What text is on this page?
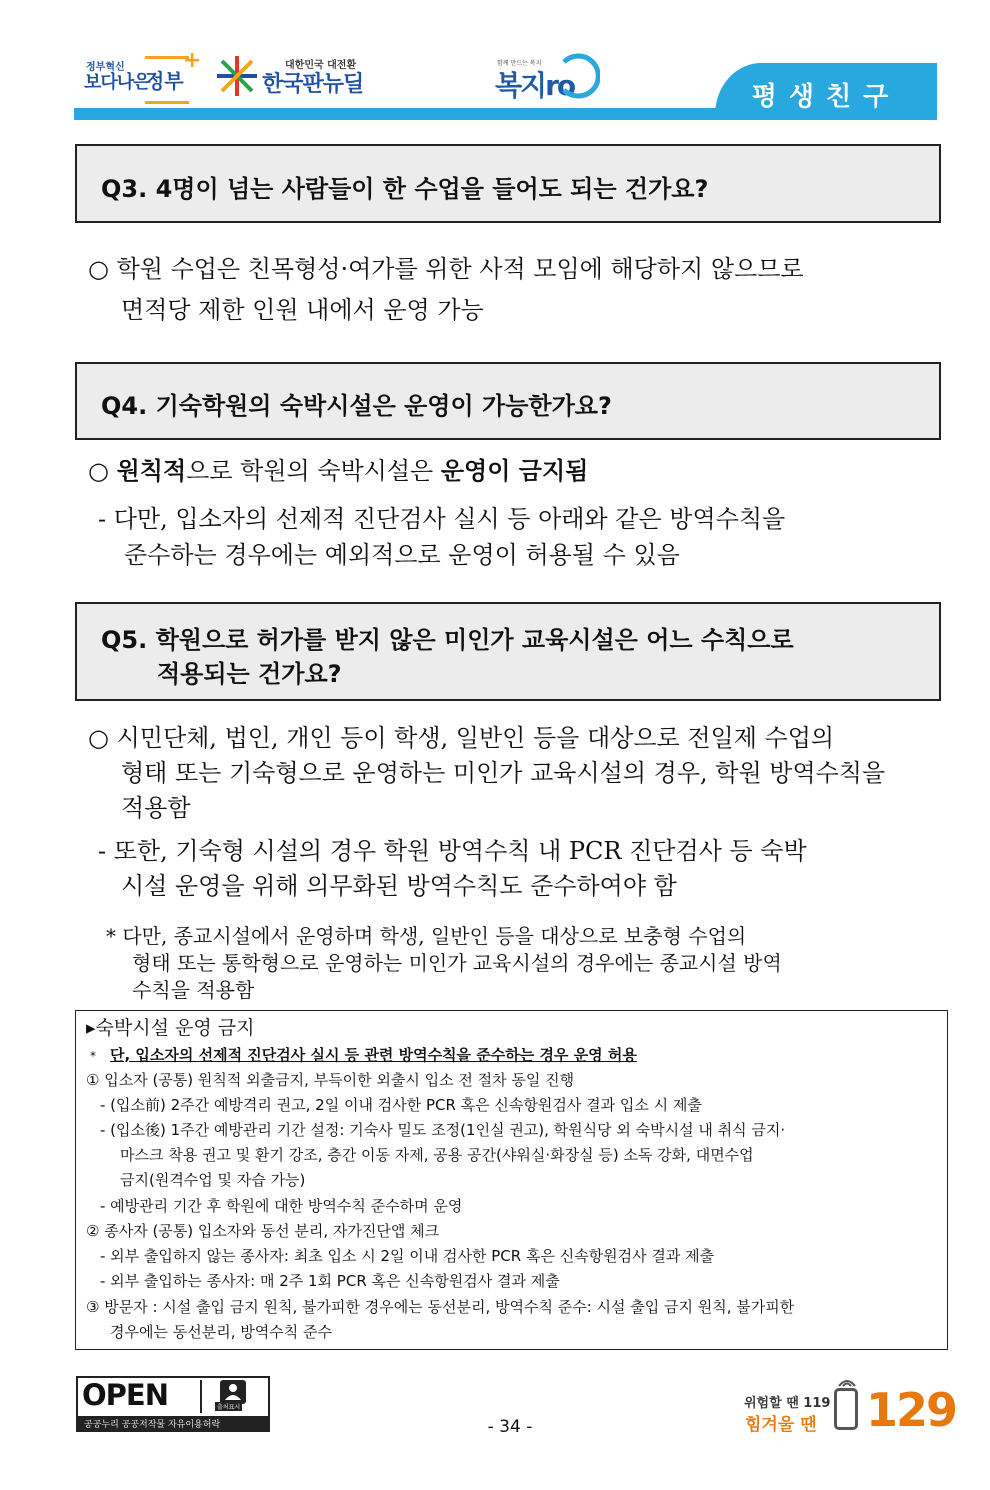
정부혁신
보다나은
정부
+	대한민국 대전환
한국판뉴딜
함께 만드는 복지
복지ro	평생친구
Q3. 4명이 넘는 사람들이 한 수업을 들어도 되는 건가요?
○ 학원 수업은 친목형성·여가를 위한 사적 모임에 해당하지 않으므로
면적당 제한 인원 내에서 운영 가능
Q4. 기숙학원의 숙박시설은 운영이 가능한가요?
○ 원칙적으로 학원의 숙박시설은 운영이 금지됨
- 다만, 입소자의 선제적 진단검사 실시 등 아래와 같은 방역수칙을
준수하는 경우에는 예외적으로 운영이 허용될 수 있음
Q5. 학원으로 허가를 받지 않은 미인가 교육시설은 어느 수칙으로
적용되는 건가요?
○ 시민단체, 법인, 개인 등이 학생, 일반인 등을 대상으로 전일제 수업의
형태 또는 기숙형으로 운영하는 미인가 교육시설의 경우, 학원 방역수칙을
적용함
- 또한, 기숙형 시설의 경우 학원 방역수칙 내 PCR 진단검사 등 숙박
시설 운영을 위해 의무화된 방역수칙도 준수하여야 함
* 다만, 종교시설에서 운영하며 학생, 일반인 등을 대상으로 보충형 수업의
형태 또는 통학형으로 운영하는 미인가 교육시설의 경우에는 종교시설 방역
수칙을 적용함
▸숙박시설 운영 금지
* 단, 입소자의 선제적 진단검사 실시 등 관련 방역수칙을 준수하는 경우 운영 허용
① 입소자 (공통) 원칙적 외출금지, 부득이한 외출시 입소 전 절차 동일 진행
- (입소前) 2주간 예방격리 권고, 2일 이내 검사한 PCR 혹은 신속항원검사 결과 입소 시 제출
- (입소後) 1주간 예방관리 기간 설정: 기숙사 밀도 조정(1인실 권고), 학원식당 외 숙박시설 내 취식 금지·
마스크 착용 권고 및 환기 강조, 층간 이동 자제, 공용 공간(샤워실·화장실 등) 소독 강화, 대면수업
금지(원격수업 및 자습 가능)
- 예방관리 기간 후 학원에 대한 방역수칙 준수하며 운영
② 종사자 (공통) 입소자와 동선 분리, 자가진단앱 체크
- 외부 출입하지 않는 종사자: 최초 입소 시 2일 이내 검사한 PCR 혹은 신속항원검사 결과 제출
- 외부 출입하는 종사자: 매 2주 1회 PCR 혹은 신속항원검사 결과 제출
③ 방문자 : 시설 출입 금지 원칙, 불가피한 경우에는 동선분리, 방역수칙 준수: 시설 출입 금지 원칙, 불가피한
경우에는 동선분리, 방역수칙 준수
OPEN	출처표시
공공누리 공공저작물 자유이용허락	- 34 -
위험할 땐 119
힘겨울 땐 129
